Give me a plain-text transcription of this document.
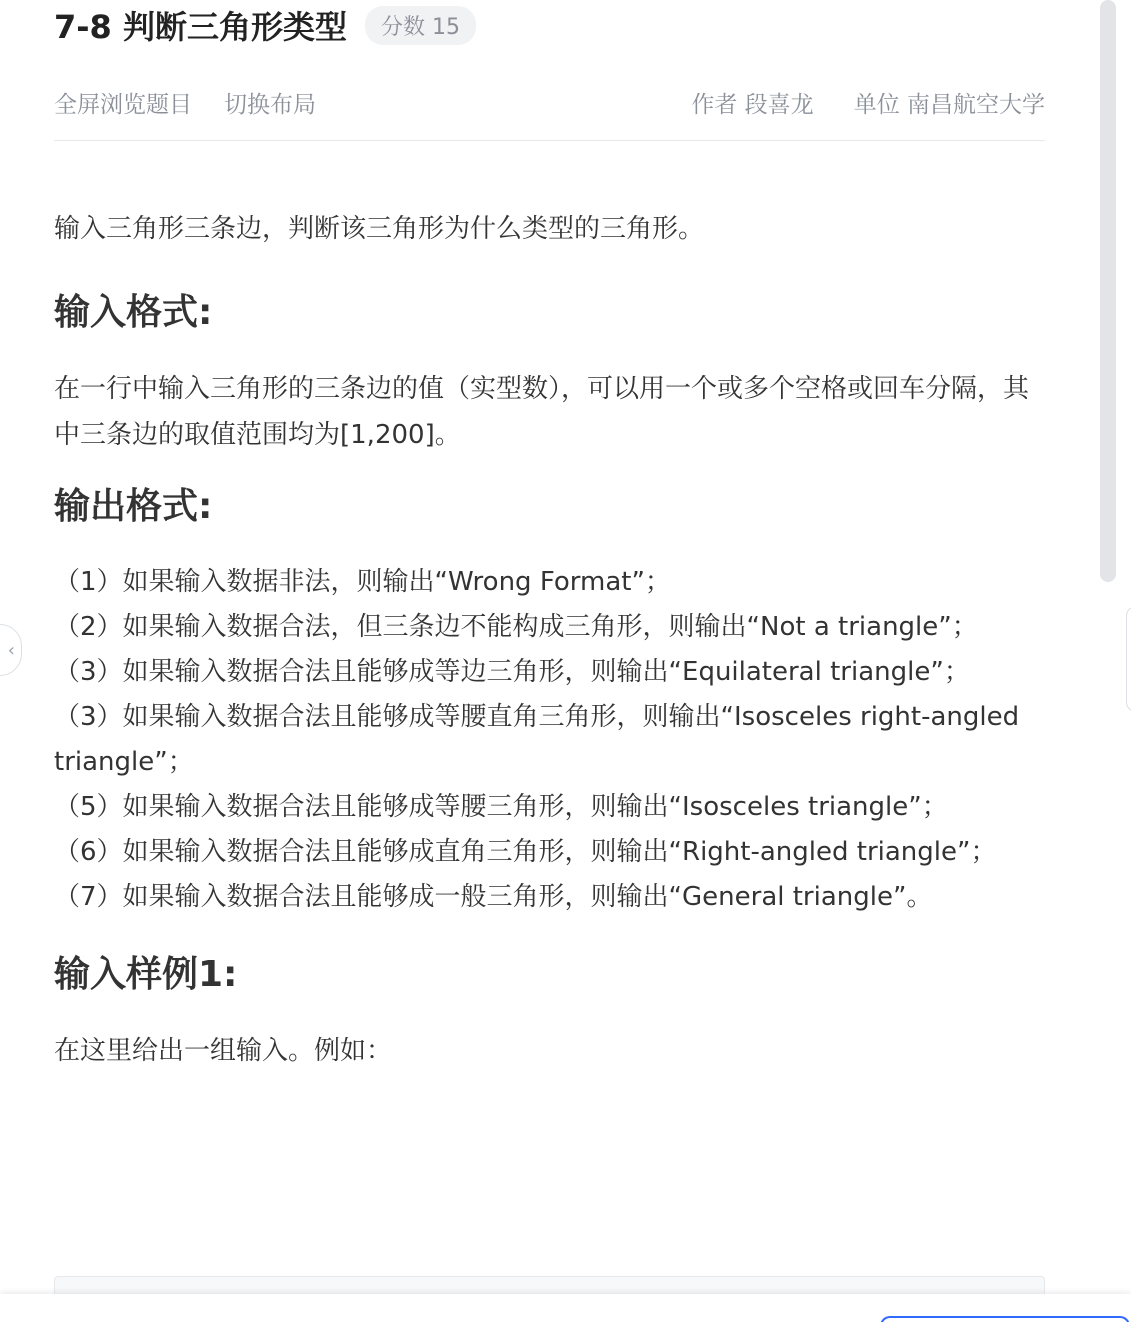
7-8 判断三角形类型	分数 15
全屏浏览题目 切换布局	作者 段喜龙 单位 南昌航空大学

输入三角形三条边，判断该三角形为什么类型的三角形。

输入格式:

在一行中输入三角形的三条边的值（实型数），可以用一个或多个空格或回车分隔，其中三条边的取值范围均为[1,200]。

输出格式:
（1）如果输入数据非法，则输出“Wrong Format”；
（2）如果输入数据合法，但三条边不能构成三角形，则输出“Not a triangle”；
（3）如果输入数据合法且能够成等边三角形，则输出“Equilateral triangle”；
（3）如果输入数据合法且能够成等腰直角三角形，则输出“Isosceles right-angled triangle”；
（5）如果输入数据合法且能够成等腰三角形，则输出“Isosceles triangle”；
（6）如果输入数据合法且能够成直角三角形，则输出“Right-angled triangle”；
（7）如果输入数据合法且能够成一般三角形，则输出“General triangle”。
输入样例1:

在这里给出一组输入。例如：

‹
